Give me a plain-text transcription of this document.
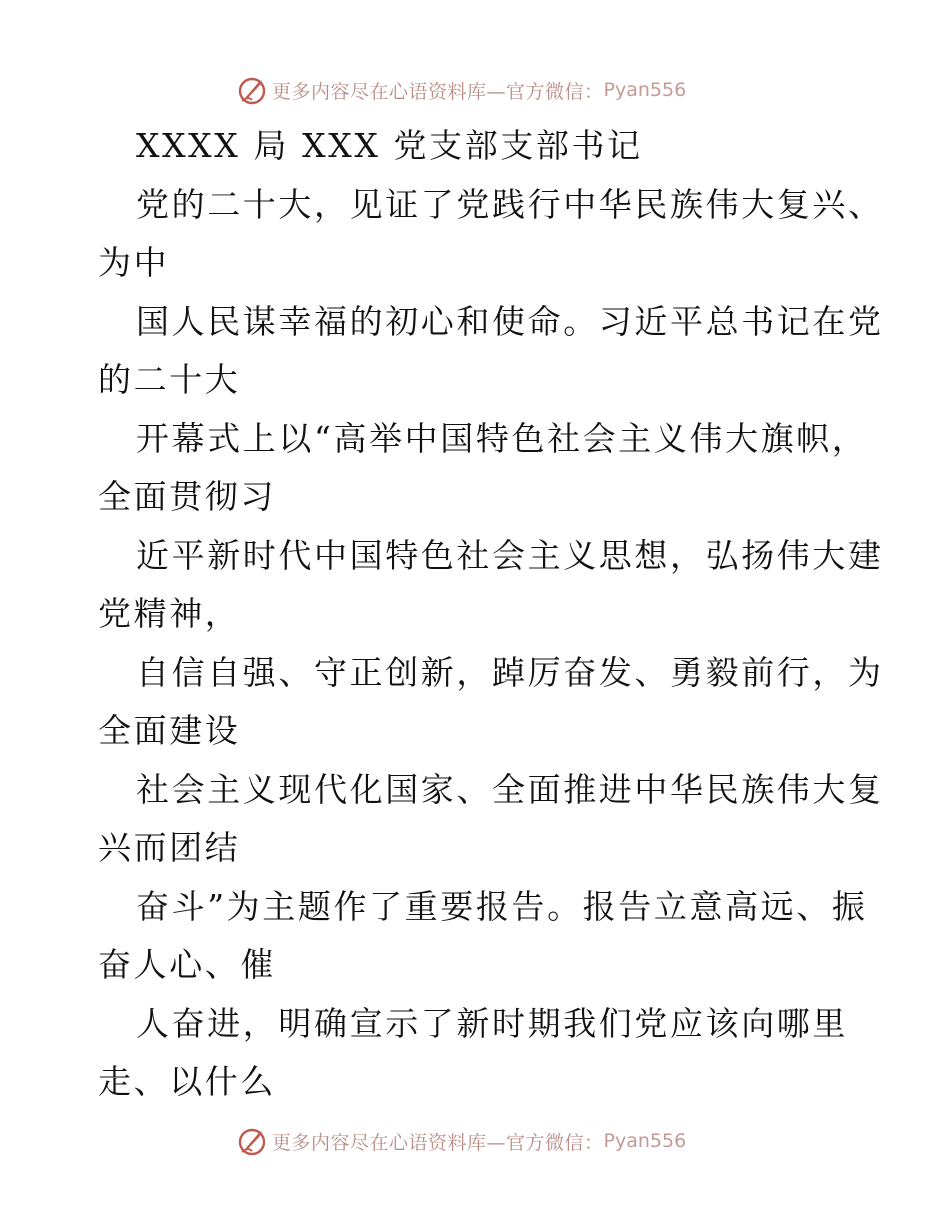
更多内容尽在心语资料库—官方微信： Pyan556
XXXX 局 XXX 党支部支部书记
党的二十大，见证了党践行中华民族伟大复兴、
为中
国人民谋幸福的初心和使命。习近平总书记在党
的二十大
开幕式上以“高举中国特色社会主义伟大旗帜，
全面贯彻习
近平新时代中国特色社会主义思想，弘扬伟大建
党精神，
自信自强、守正创新，踔厉奋发、勇毅前行，为
全面建设
社会主义现代化国家、全面推进中华民族伟大复
兴而团结
奋斗”为主题作了重要报告。报告立意高远、振
奋人心、催
人奋进，明确宣示了新时期我们党应该向哪里
走、以什么
更多内容尽在心语资料库—官方微信： Pyan556
